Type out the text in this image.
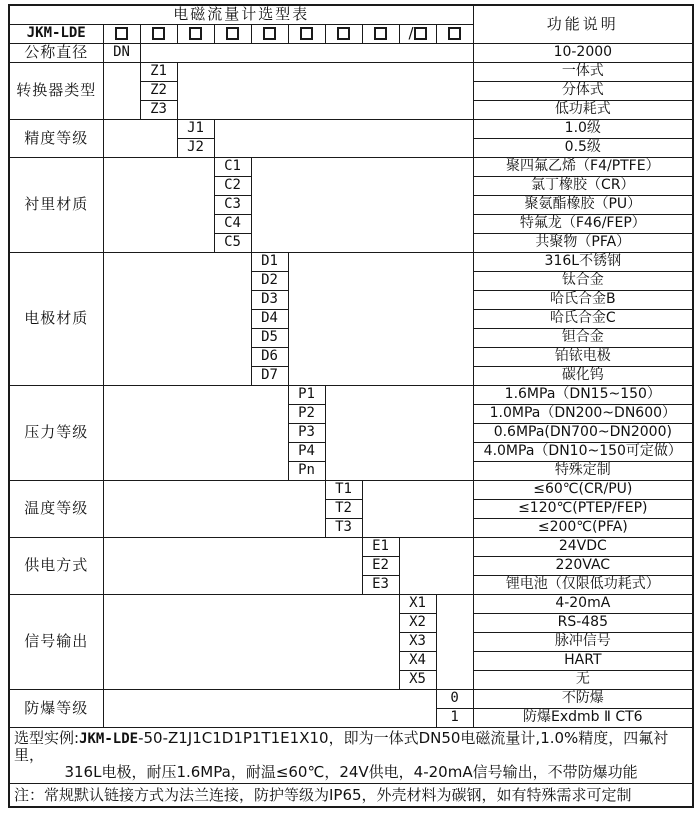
电磁流量计选型表											功能说明
JKM-LDE									/		
公称直径	DN										10-2000
转换器类型		Z1									一体式
		Z2									分体式
		Z3									低功耗式
精度等级			J1								1.0级
			J2								0.5级
衬里材质				C1							聚四氟乙烯（F4/PTFE）
				C2							氯丁橡胶（CR）
				C3							聚氨酯橡胶（PU）
				C4							特氟龙（F46/FEP）
				C5							共聚物（PFA）
电极材质					D1						316L不锈钢
					D2						钛合金
					D3						哈氏合金B
					D4						哈氏合金C
					D5						钽合金
					D6						铂铱电极
					D7						碳化钨
压力等级						P1					1.6MPa（DN15~150）
						P2					1.0MPa（DN200~DN600）
						P3					0.6MPa(DN700~DN2000)
						P4					4.0MPa（DN10~150可定做）
						Pn					特殊定制
温度等级							T1				≤60℃(CR/PU)
							T2				≤120℃(PTEP/FEP)
							T3				≤200℃(PFA)
供电方式								E1			24VDC
								E2			220VAC
								E3			锂电池（仅限低功耗式）
信号输出									X1		4-20mA
									X2		RS-485
									X3		脉冲信号
									X4		HART
									X5		无
防爆等级										0	不防爆
										1	防爆Exdmb Ⅱ CT6

选型实例:JKM-LDE-50-Z1J1C1D1P1T1E1X10，即为一体式DN50电磁流量计,1.0%精度，四氟衬里，
316L电极，耐压1.6MPa，耐温≤60℃，24V供电，4-20mA信号输出，不带防爆功能											

注：常规默认链接方式为法兰连接，防护等级为IP65，外壳材料为碳钢，如有特殊需求可定制											
